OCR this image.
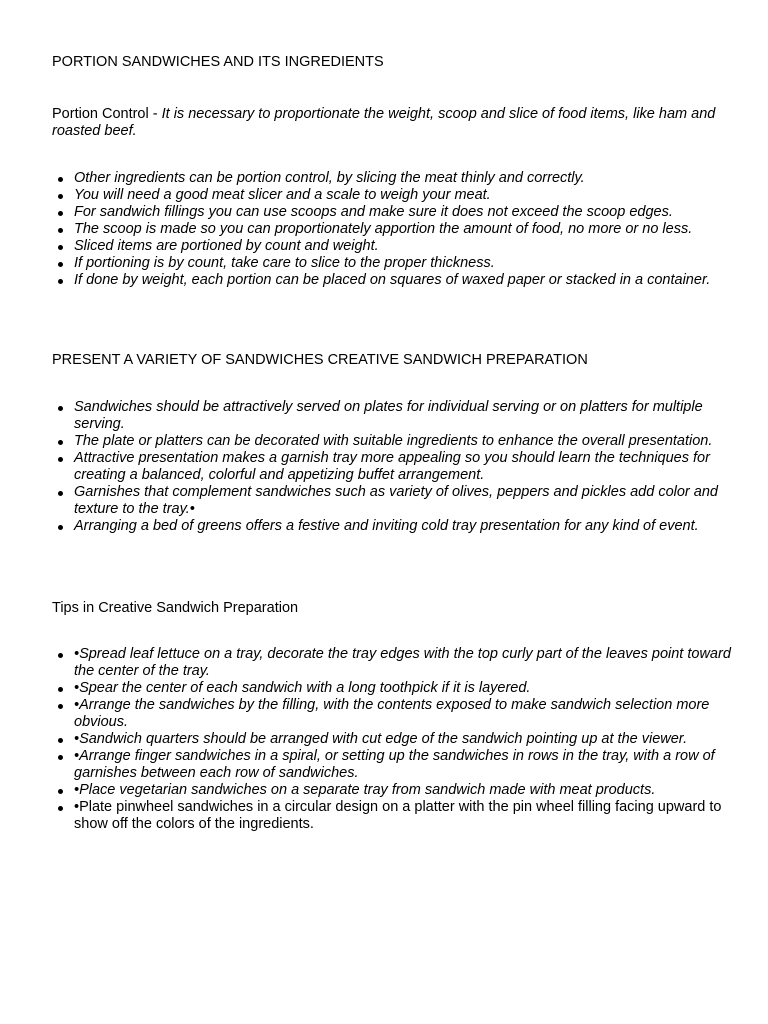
PORTION SANDWICHES AND ITS INGREDIENTS

Portion Control - It is necessary to proportionate the weight, scoop and slice of food items, like ham and roasted beef.

Other ingredients can be portion control, by slicing the meat thinly and correctly.
You will need a good meat slicer and a scale to weigh your meat.
For sandwich fillings you can use scoops and make sure it does not exceed the scoop edges.
The scoop is made so you can proportionately apportion the amount of food, no more or no less.
Sliced items are portioned by count and weight.
If portioning is by count, take care to slice to the proper thickness.
If done by weight, each portion can be placed on squares of waxed paper or stacked in a container.
PRESENT A VARIETY OF SANDWICHES CREATIVE SANDWICH PREPARATION
Sandwiches should be attractively served on plates for individual serving or on platters for multiple serving.
The plate or platters can be decorated with suitable ingredients to enhance the overall presentation.
Attractive presentation makes a garnish tray more appealing so you should learn the techniques for creating a balanced, colorful and appetizing buffet arrangement.
Garnishes that complement sandwiches such as variety of olives, peppers and pickles add color and texture to the tray.•
Arranging a bed of greens offers a festive and inviting cold tray presentation for any kind of event.
Tips in Creative Sandwich Preparation
•Spread leaf lettuce on a tray, decorate the tray edges with the top curly part of the leaves point toward the center of the tray.
•Spear the center of each sandwich with a long toothpick if it is layered.
•Arrange the sandwiches by the filling, with the contents exposed to make sandwich selection more obvious.
•Sandwich quarters should be arranged with cut edge of the sandwich pointing up at the viewer.
•Arrange finger sandwiches in a spiral, or setting up the sandwiches in rows in the tray, with a row of garnishes between each row of sandwiches.
•Place vegetarian sandwiches on a separate tray from sandwich made with meat products.
•Plate pinwheel sandwiches in a circular design on a platter with the pin wheel filling facing upward to show off the colors of the ingredients.
